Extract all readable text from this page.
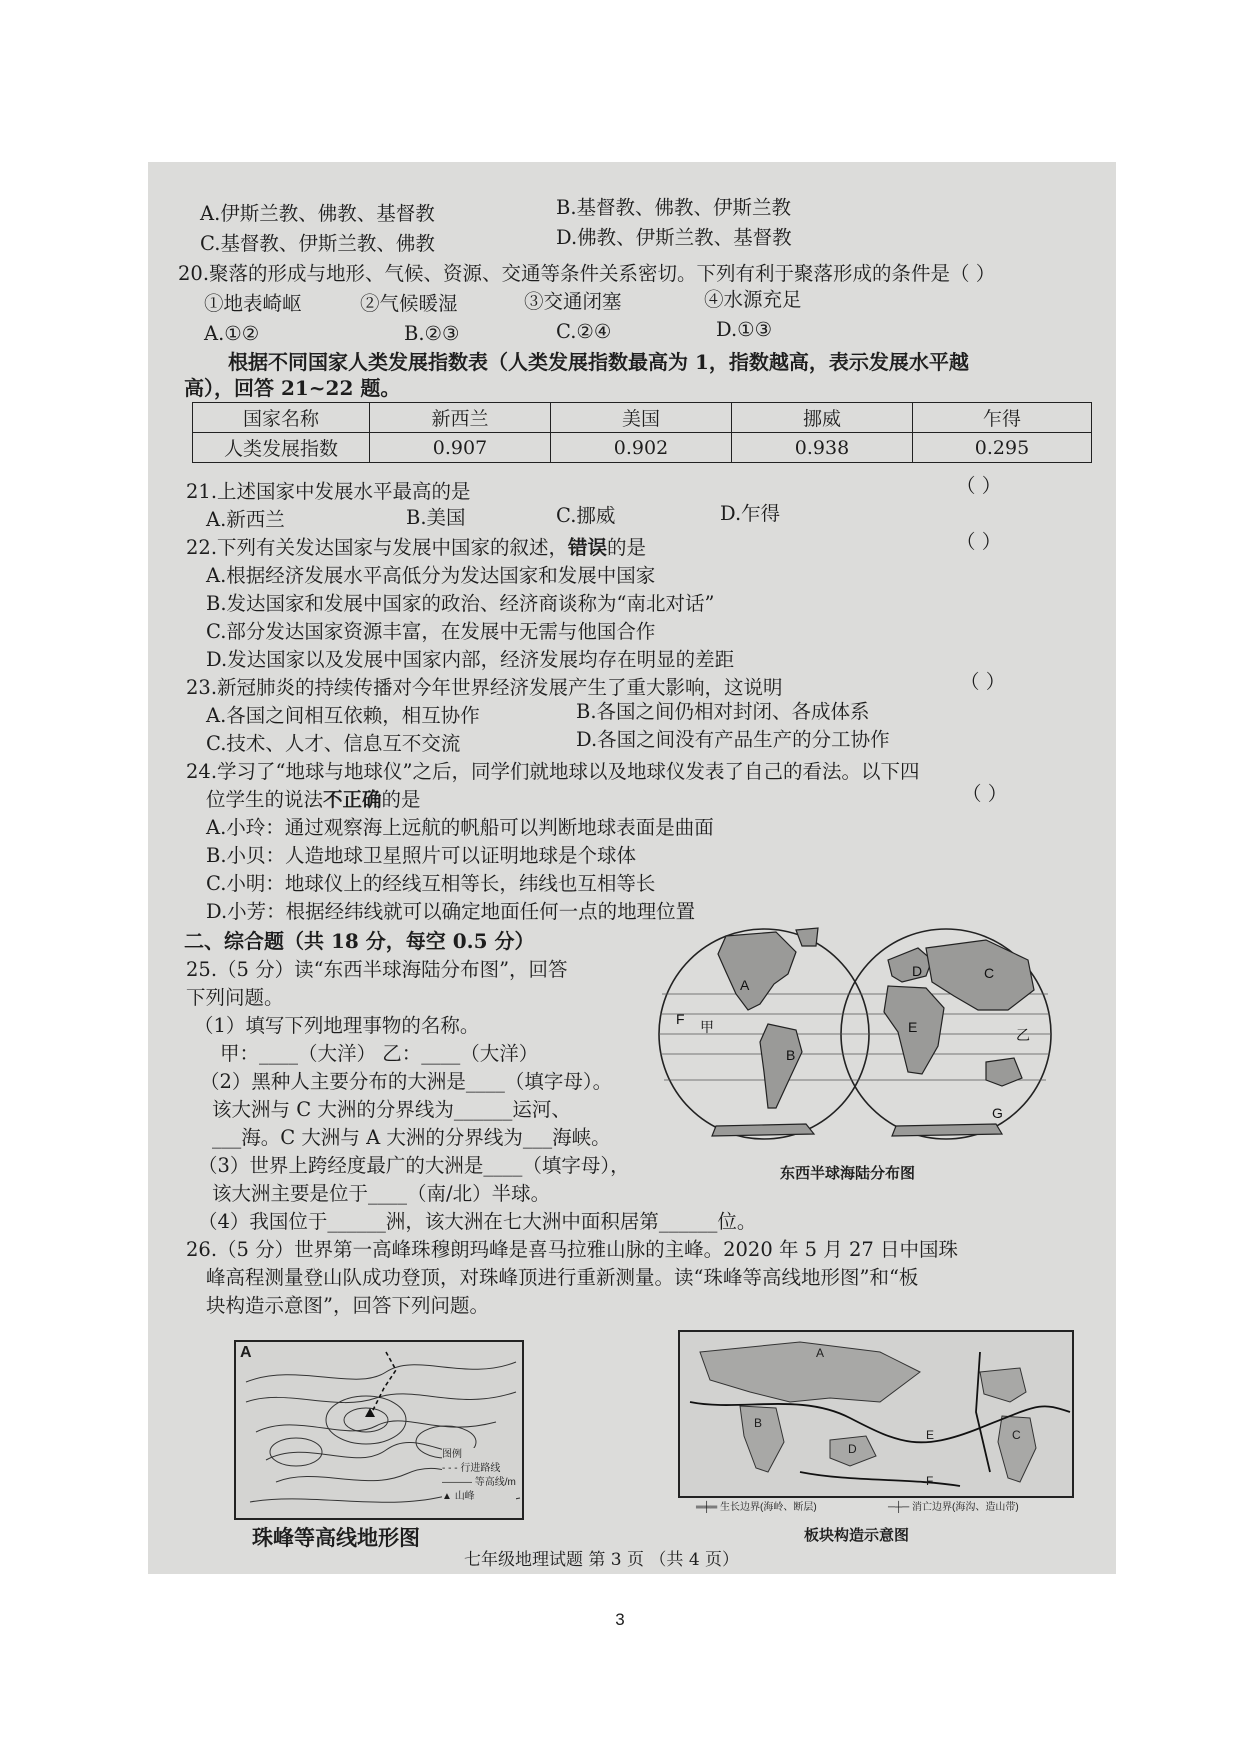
A.伊斯兰教、佛教、基督教	B.基督教、佛教、伊斯兰教
C.基督教、伊斯兰教、佛教	D.佛教、伊斯兰教、基督教
20.聚落的形成与地形、气候、资源、交通等条件关系密切。下列有利于聚落形成的条件是（ ）
①地表崎岖	②气候暖湿	③交通闭塞	④水源充足
A.①②	B.②③	C.②④	D.①③
根据不同国家人类发展指数表（人类发展指数最高为 1，指数越高，表示发展水平越
高），回答 21~22 题。
国家名称	新西兰	美国	挪威	乍得
人类发展指数	0.907	0.902	0.938	0.295
21.上述国家中发展水平最高的是	（ ）
A.新西兰	B.美国	C.挪威	D.乍得
22.下列有关发达国家与发展中国家的叙述，错误的是	（ ）
A.根据经济发展水平高低分为发达国家和发展中国家
B.发达国家和发展中国家的政治、经济商谈称为“南北对话”
C.部分发达国家资源丰富，在发展中无需与他国合作
D.发达国家以及发展中国家内部，经济发展均存在明显的差距
23.新冠肺炎的持续传播对今年世界经济发展产生了重大影响，这说明	（ ）
A.各国之间相互依赖，相互协作	B.各国之间仍相对封闭、各成体系
C.技术、人才、信息互不交流	D.各国之间没有产品生产的分工协作
24.学习了“地球与地球仪”之后，同学们就地球以及地球仪发表了自己的看法。以下四
位学生的说法不正确的是	（ ）
A.小玲：通过观察海上远航的帆船可以判断地球表面是曲面
B.小贝：人造地球卫星照片可以证明地球是个球体
C.小明：地球仪上的经线互相等长，纬线也互相等长
D.小芳：根据经纬线就可以确定地面任何一点的地理位置
二、综合题（共 18 分，每空 0.5 分）
25.（5 分）读“东西半球海陆分布图”，回答
下列问题。
（1）填写下列地理事物的名称。
甲：____（大洋） 乙：____（大洋）
（2）黑种人主要分布的大洲是____（填字母）。
该大洲与 C 大洲的分界线为______运河、
___海。C 大洲与 A 大洲的分界线为___海峡。
（3）世界上跨经度最广的大洲是____（填字母），
该大洲主要是位于____（南/北）半球。
（4）我国位于______洲，该大洲在七大洲中面积居第______位。
A
B
C
D
E
F
G
甲	乙
东西半球海陆分布图
26.（5 分）世界第一高峰珠穆朗玛峰是喜马拉雅山脉的主峰。2020 年 5 月 27 日中国珠
峰高程测量登山队成功登顶，对珠峰顶进行重新测量。读“珠峰等高线地形图”和“板
块构造示意图”，回答下列问题。
A
图例
- - - 行进路线
——— 等高线/m
▲ 山峰
珠峰等高线地形图
A
B
C
D
E
F
═╪═ 生长边界(海岭、断层)	─┼─ 消亡边界(海沟、造山带)
板块构造示意图
七年级地理试题 第 3 页 （共 4 页）
3
